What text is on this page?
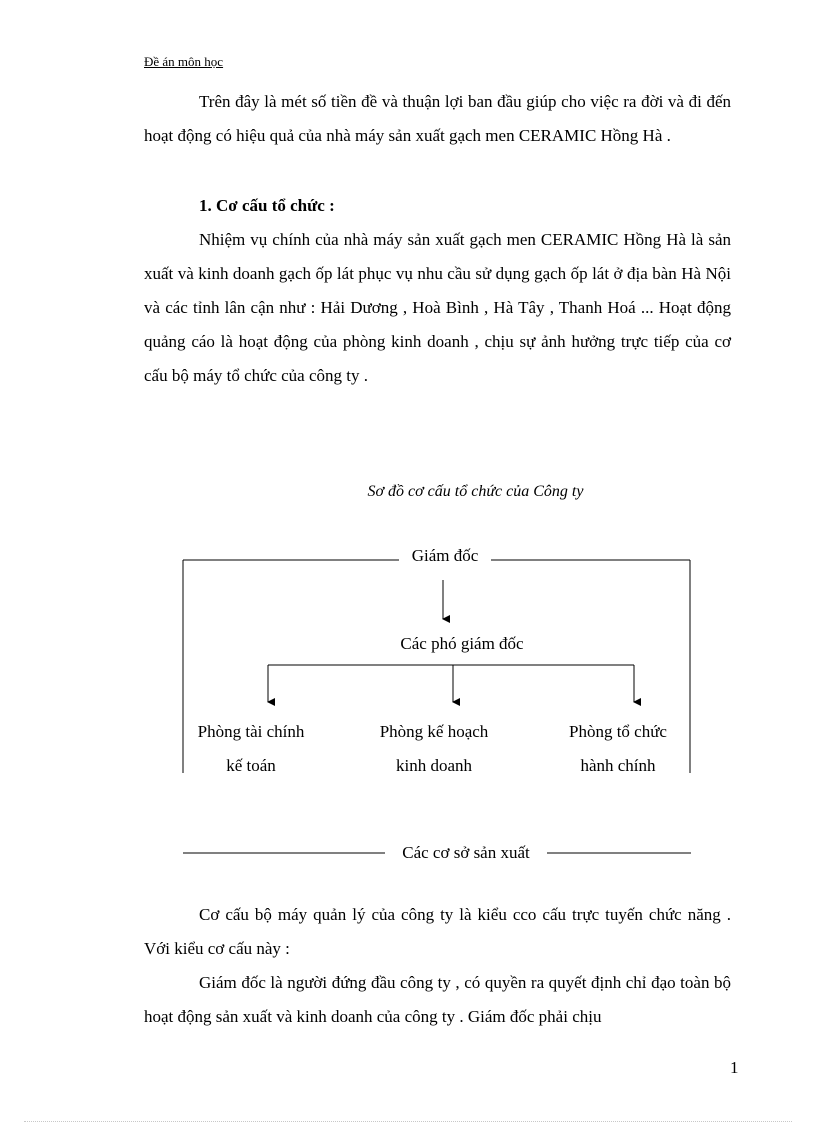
Đề án môn học

Trên đây là mét số tiền đề và thuận lợi ban đầu giúp cho việc ra đời và đi đến hoạt động có hiệu quả của nhà máy sản xuất gạch men CERAMIC Hồng Hà .

1. Cơ cấu tổ chức :

Nhiệm vụ chính của nhà máy sản xuất gạch men CERAMIC Hồng Hà là sản xuất và kinh doanh gạch ốp lát phục vụ nhu cầu sử dụng gạch ốp lát ở địa bàn Hà Nội và các tỉnh lân cận như : Hải Dương , Hoà Bình , Hà Tây , Thanh Hoá ... Hoạt động quảng cáo là hoạt động của phòng kinh doanh , chịu sự ảnh hưởng trực tiếp của cơ cấu bộ máy tổ chức của công ty .

Sơ đồ cơ cấu tổ chức của Công ty
Giám đốc
Các phó giám đốc
Phòng tài chính
kế toán
Phòng kế hoạch
kinh doanh
Phòng tổ chức
hành chính
Các cơ sở sản xuất

Cơ cấu bộ máy quản lý của công ty là kiểu cco cấu trực tuyến chức năng . Với kiểu cơ cấu này :

Giám đốc là người đứng đầu công ty , có quyền ra quyết định chỉ đạo toàn bộ hoạt động sản xuất và kinh doanh của công ty . Giám đốc phải chịu

1
